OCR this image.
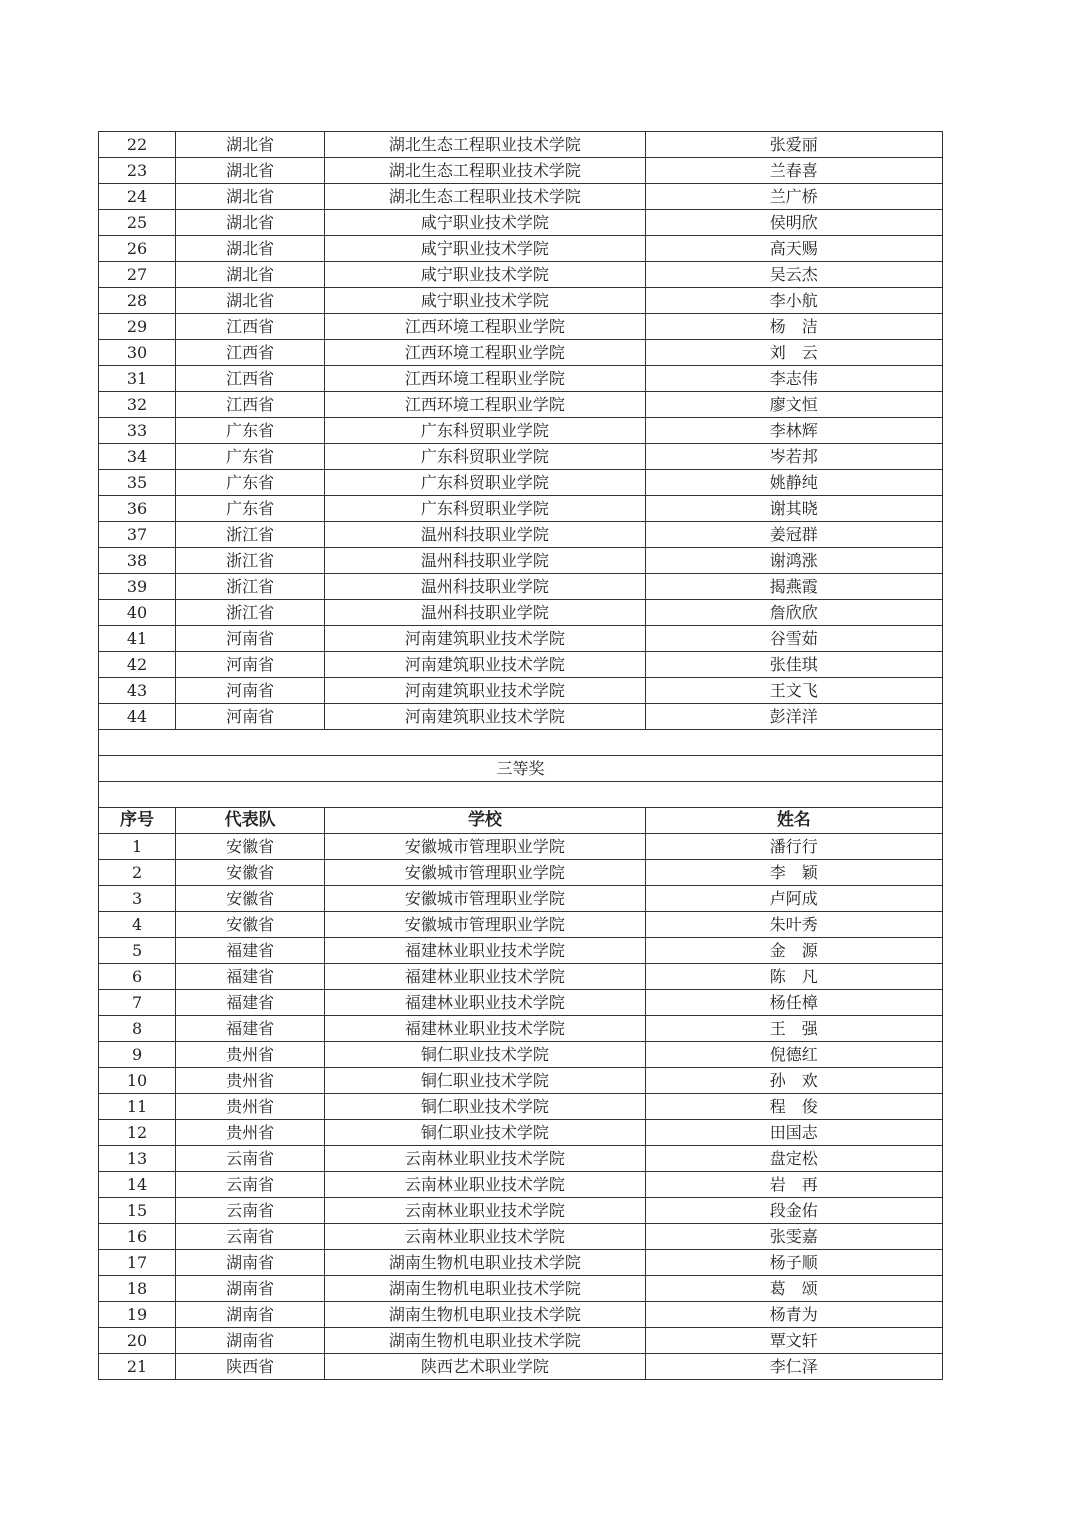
22	湖北省	湖北生态工程职业技术学院	张爱丽
23	湖北省	湖北生态工程职业技术学院	兰春喜
24	湖北省	湖北生态工程职业技术学院	兰广桥
25	湖北省	咸宁职业技术学院	侯明欣
26	湖北省	咸宁职业技术学院	高天赐
27	湖北省	咸宁职业技术学院	吴云杰
28	湖北省	咸宁职业技术学院	李小航
29	江西省	江西环境工程职业学院	杨　洁
30	江西省	江西环境工程职业学院	刘　云
31	江西省	江西环境工程职业学院	李志伟
32	江西省	江西环境工程职业学院	廖文恒
33	广东省	广东科贸职业学院	李林辉
34	广东省	广东科贸职业学院	岑若邦
35	广东省	广东科贸职业学院	姚静纯
36	广东省	广东科贸职业学院	谢其晓
37	浙江省	温州科技职业学院	姜冠群
38	浙江省	温州科技职业学院	谢鸿涨
39	浙江省	温州科技职业学院	揭燕霞
40	浙江省	温州科技职业学院	詹欣欣
41	河南省	河南建筑职业技术学院	谷雪茹
42	河南省	河南建筑职业技术学院	张佳琪
43	河南省	河南建筑职业技术学院	王文飞
44	河南省	河南建筑职业技术学院	彭洋洋

三等奖			

序号	代表队	学校	姓名
1	安徽省	安徽城市管理职业学院	潘行行
2	安徽省	安徽城市管理职业学院	李　颖
3	安徽省	安徽城市管理职业学院	卢阿成
4	安徽省	安徽城市管理职业学院	朱叶秀
5	福建省	福建林业职业技术学院	金　源
6	福建省	福建林业职业技术学院	陈　凡
7	福建省	福建林业职业技术学院	杨任樟
8	福建省	福建林业职业技术学院	王　强
9	贵州省	铜仁职业技术学院	倪德红
10	贵州省	铜仁职业技术学院	孙　欢
11	贵州省	铜仁职业技术学院	程　俊
12	贵州省	铜仁职业技术学院	田国志
13	云南省	云南林业职业技术学院	盘定松
14	云南省	云南林业职业技术学院	岩　再
15	云南省	云南林业职业技术学院	段金佑
16	云南省	云南林业职业技术学院	张雯嘉
17	湖南省	湖南生物机电职业技术学院	杨子顺
18	湖南省	湖南生物机电职业技术学院	葛　颂
19	湖南省	湖南生物机电职业技术学院	杨青为
20	湖南省	湖南生物机电职业技术学院	覃文轩
21	陕西省	陕西艺术职业学院	李仁泽
